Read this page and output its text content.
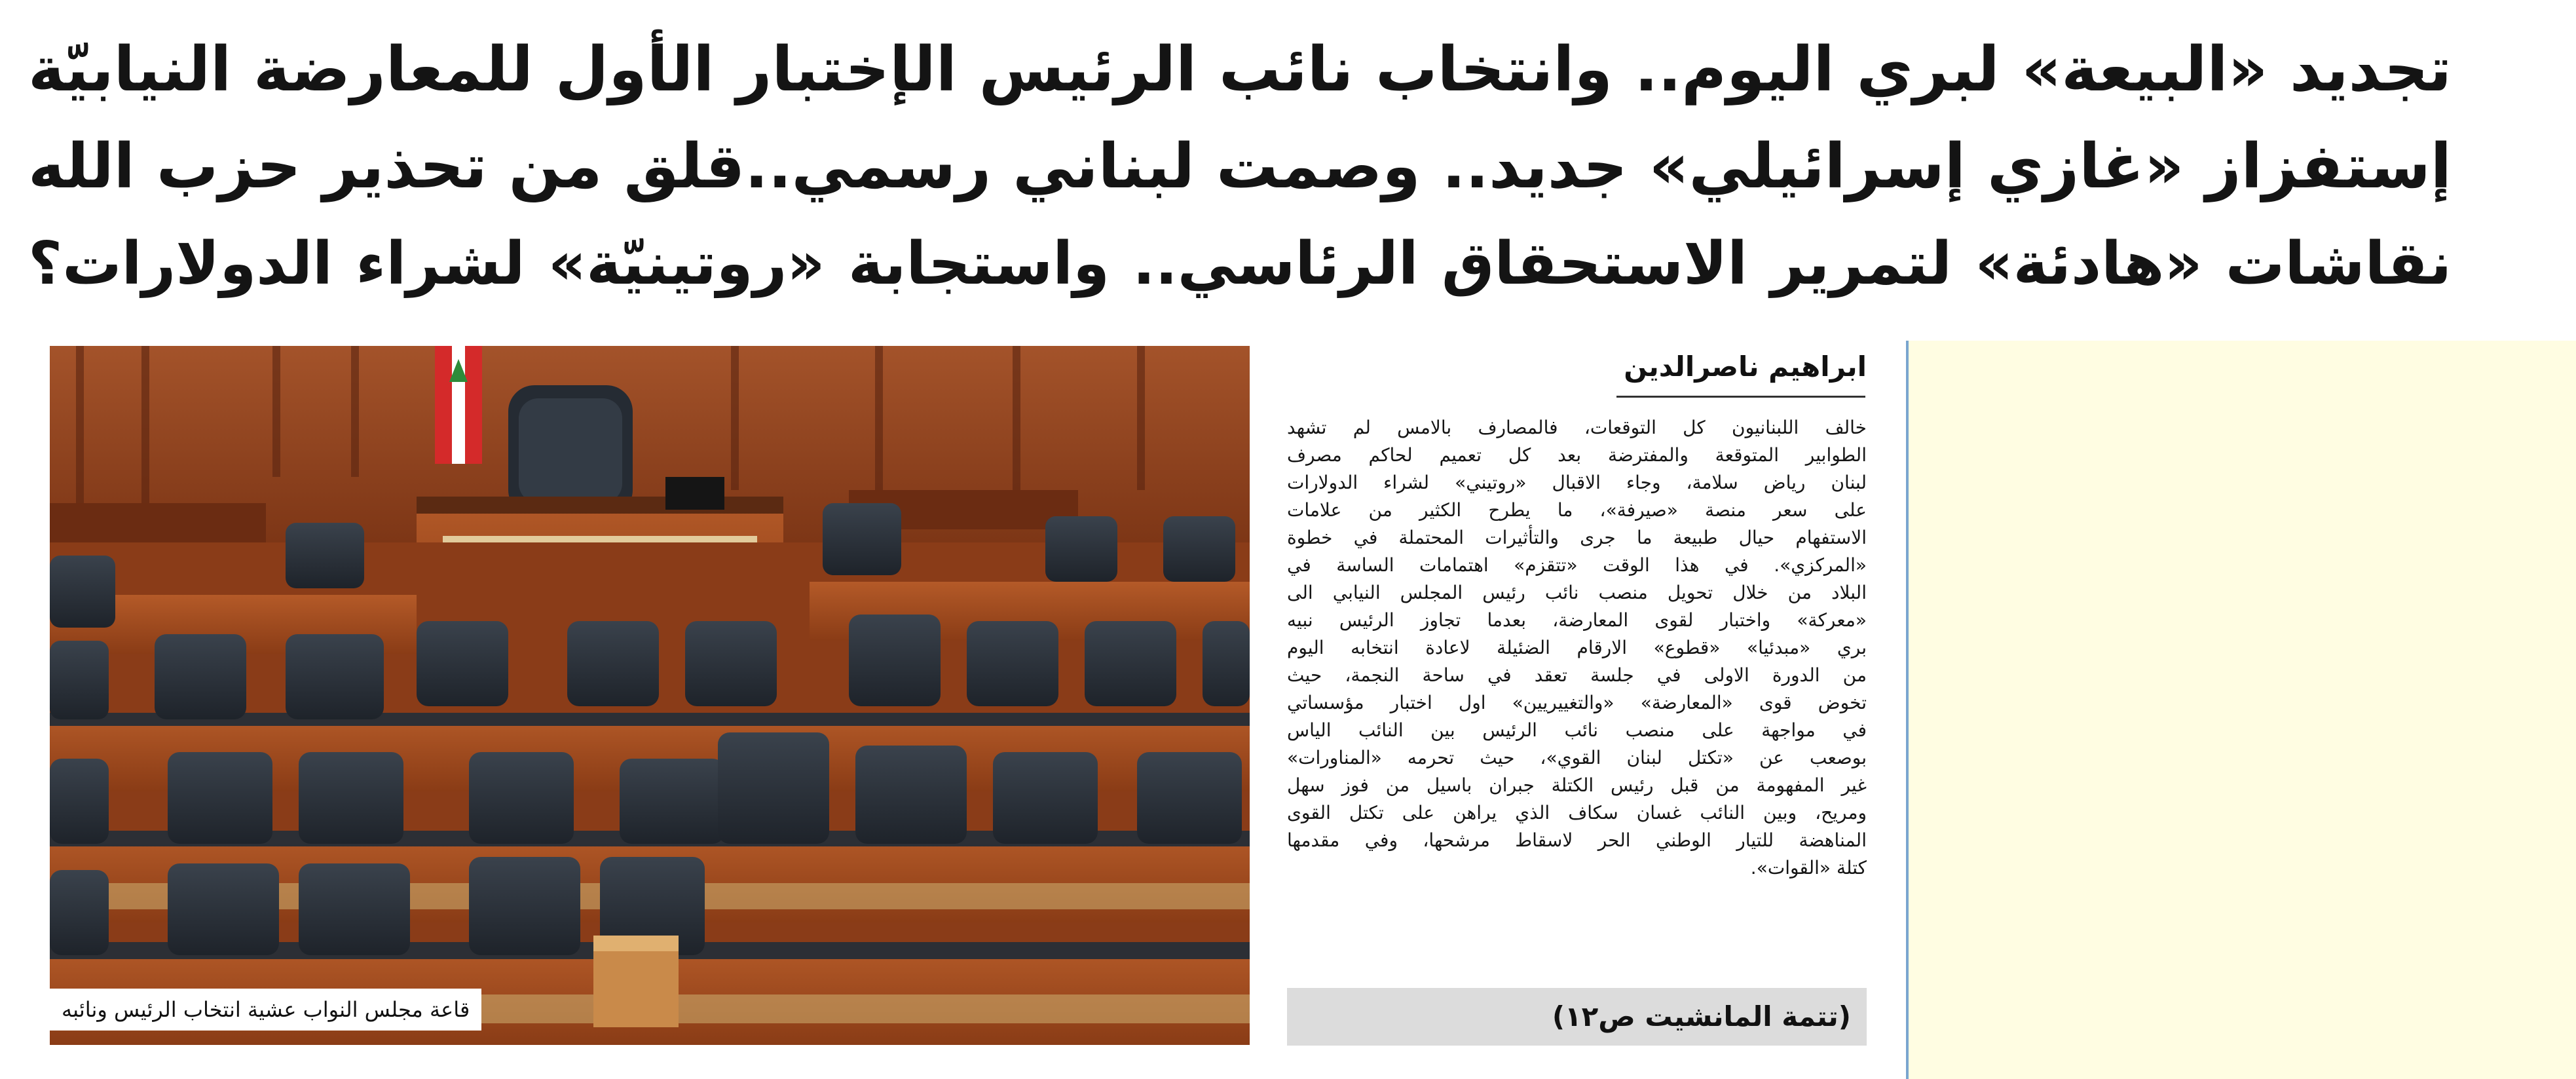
تجديد «البيعة» لبري اليوم.. وانتخاب نائب الرئيس الإختبار الأول للمعارضة النيابيّة
إستفزاز «غازي إسرائيلي» جديد.. وصمت لبناني رسمي..قلق من تحذير حزب الله
نقاشات «هادئة» لتمرير الاستحقاق الرئاسي.. واستجابة «روتينيّة» لشراء الدولارات؟
قاعة مجلس النواب عشية انتخاب الرئيس ونائبه
ابراهيم ناصرالدين
خالف اللبنانيون كل التوقعات، فالمصارف بالامس لم تشهد
الطوابير المتوقعة والمفترضة بعد كل تعميم لحاكم مصرف
لبنان رياض سلامة، وجاء الاقبال «روتيني» لشراء الدولارات
على سعر منصة «صيرفة»، ما يطرح الكثير من علامات
الاستفهام حيال طبيعة ما جرى والتأثيرات المحتملة في خطوة
«المركزي». في هذا الوقت «تتقزم» اهتمامات الساسة في
البلاد من خلال تحويل منصب نائب رئيس المجلس النيابي الى
«معركة» واختبار لقوى المعارضة، بعدما تجاوز الرئيس نبيه
بري «مبدئيا» «قطوع» الارقام الضئيلة لاعادة انتخابه اليوم
من الدورة الاولى في جلسة تعقد في ساحة النجمة، حيث
تخوض قوى «المعارضة» «والتغييريين» اول اختبار مؤسساتي
في مواجهة على منصب نائب الرئيس بين النائب الياس
بوصعب عن «تكتل لبنان القوي»، حيث تحرمه «المناورات»
غير المفهومة من قبل رئيس الكتلة جبران باسيل من فوز سهل
ومريح، وبين النائب غسان سكاف الذي يراهن على تكتل القوى
المناهضة للتيار الوطني الحر لاسقاط مرشحها، وفي مقدمها
كتلة «القوات».
(تتمة المانشيت ص١٢)
